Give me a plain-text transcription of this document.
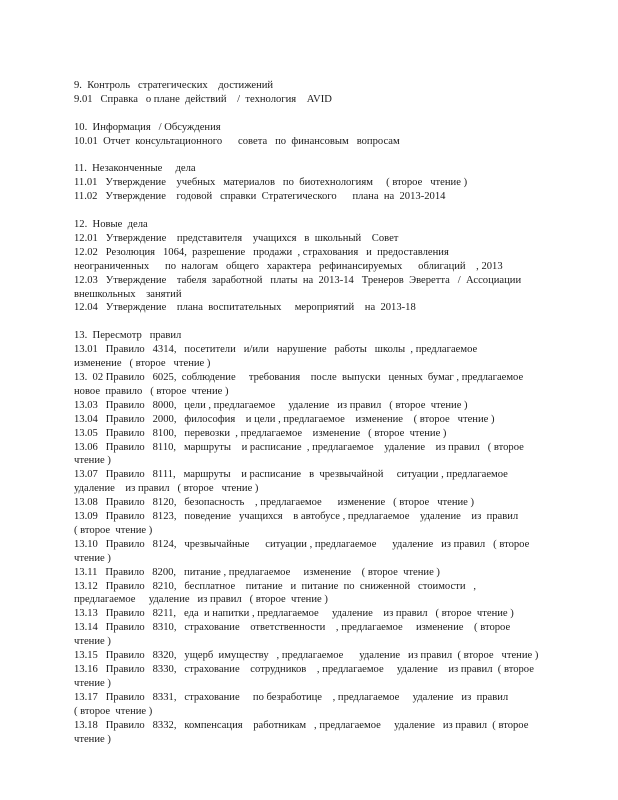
9.  Контроль   стратегических    достижений
9.01   Справка   о плане  действий    /  технология    AVID
10.  Информация   / Обсуждения
10.01  Отчет  консультационного      совета   по  финансовым   вопросам
11.  Незаконченные     дела
11.01   Утверждение    учебных   материалов   по  биотехнологиям     ( второе   чтение )
11.02   Утверждение    годовой   справки  Стратегического      плана  на  2013-2014
12.  Новые  дела
12.01   Утверждение    представителя    учащихся   в  школьный    Совет
12.02   Резолюция   1064,  разрешение   продажи  , страхования   и  предоставления
неограниченных      по  налогам   общего   характера   рефинансируемых      облигаций    , 2013
12.03   Утверждение    табеля  заработной   платы  на  2013-14   Тренеров  Эверетта   /  Ассоциации
внешкольных    занятий
12.04   Утверждение    плана  воспитательных     мероприятий    на  2013-18
13.  Пересмотр   правил
13.01   Правило   4314,   посетители   и/или   нарушение   работы   школы  , предлагаемое
изменение   ( второе   чтение )
13.  02 Правило   6025,  соблюдение     требования    после  выпуски   ценных  бумаг , предлагаемое
новое  правило   ( второе  чтение )
13.03   Правило   8000,   цели , предлагаемое     удаление   из правил   ( второе  чтение )
13.04   Правило   2000,   философия    и цели , предлагаемое    изменение    ( второе   чтение )
13.05   Правило   8100,   перевозки  , предлагаемое    изменение   ( второе  чтение )
13.06   Правило   8110,   маршруты    и расписание  , предлагаемое    удаление    из правил   ( второе
чтение )
13.07   Правило   8111,   маршруты    и расписание   в  чрезвычайной     ситуации , предлагаемое
удаление    из правил   ( второе   чтение )
13.08   Правило   8120,   безопасность    , предлагаемое      изменение   ( второе   чтение )
13.09   Правило   8123,   поведение   учащихся    в автобусе , предлагаемое    удаление    из  правил
( второе  чтение )
13.10   Правило   8124,   чрезвычайные      ситуации , предлагаемое      удаление   из правил   ( второе
чтение )
13.11   Правило   8200,   питание , предлагаемое     изменение    ( второе  чтение )
13.12   Правило   8210,   бесплатное    питание   и  питание  по  сниженной   стоимости   ,
предлагаемое     удаление   из правил   ( второе  чтение )
13.13   Правило   8211,   еда  и напитки , предлагаемое     удаление    из правил   ( второе  чтение )
13.14   Правило   8310,   страхование    ответственности    , предлагаемое     изменение    ( второе
чтение )
13.15   Правило   8320,   ущерб  имуществу   , предлагаемое      удаление   из правил  ( второе   чтение )
13.16   Правило   8330,   страхование    сотрудников    , предлагаемое     удаление    из правил  ( второе
чтение )
13.17   Правило   8331,   страхование     по безработице    , предлагаемое     удаление   из  правил
( второе  чтение )
13.18   Правило   8332,   компенсация    работникам   , предлагаемое     удаление   из правил  ( второе
чтение )
